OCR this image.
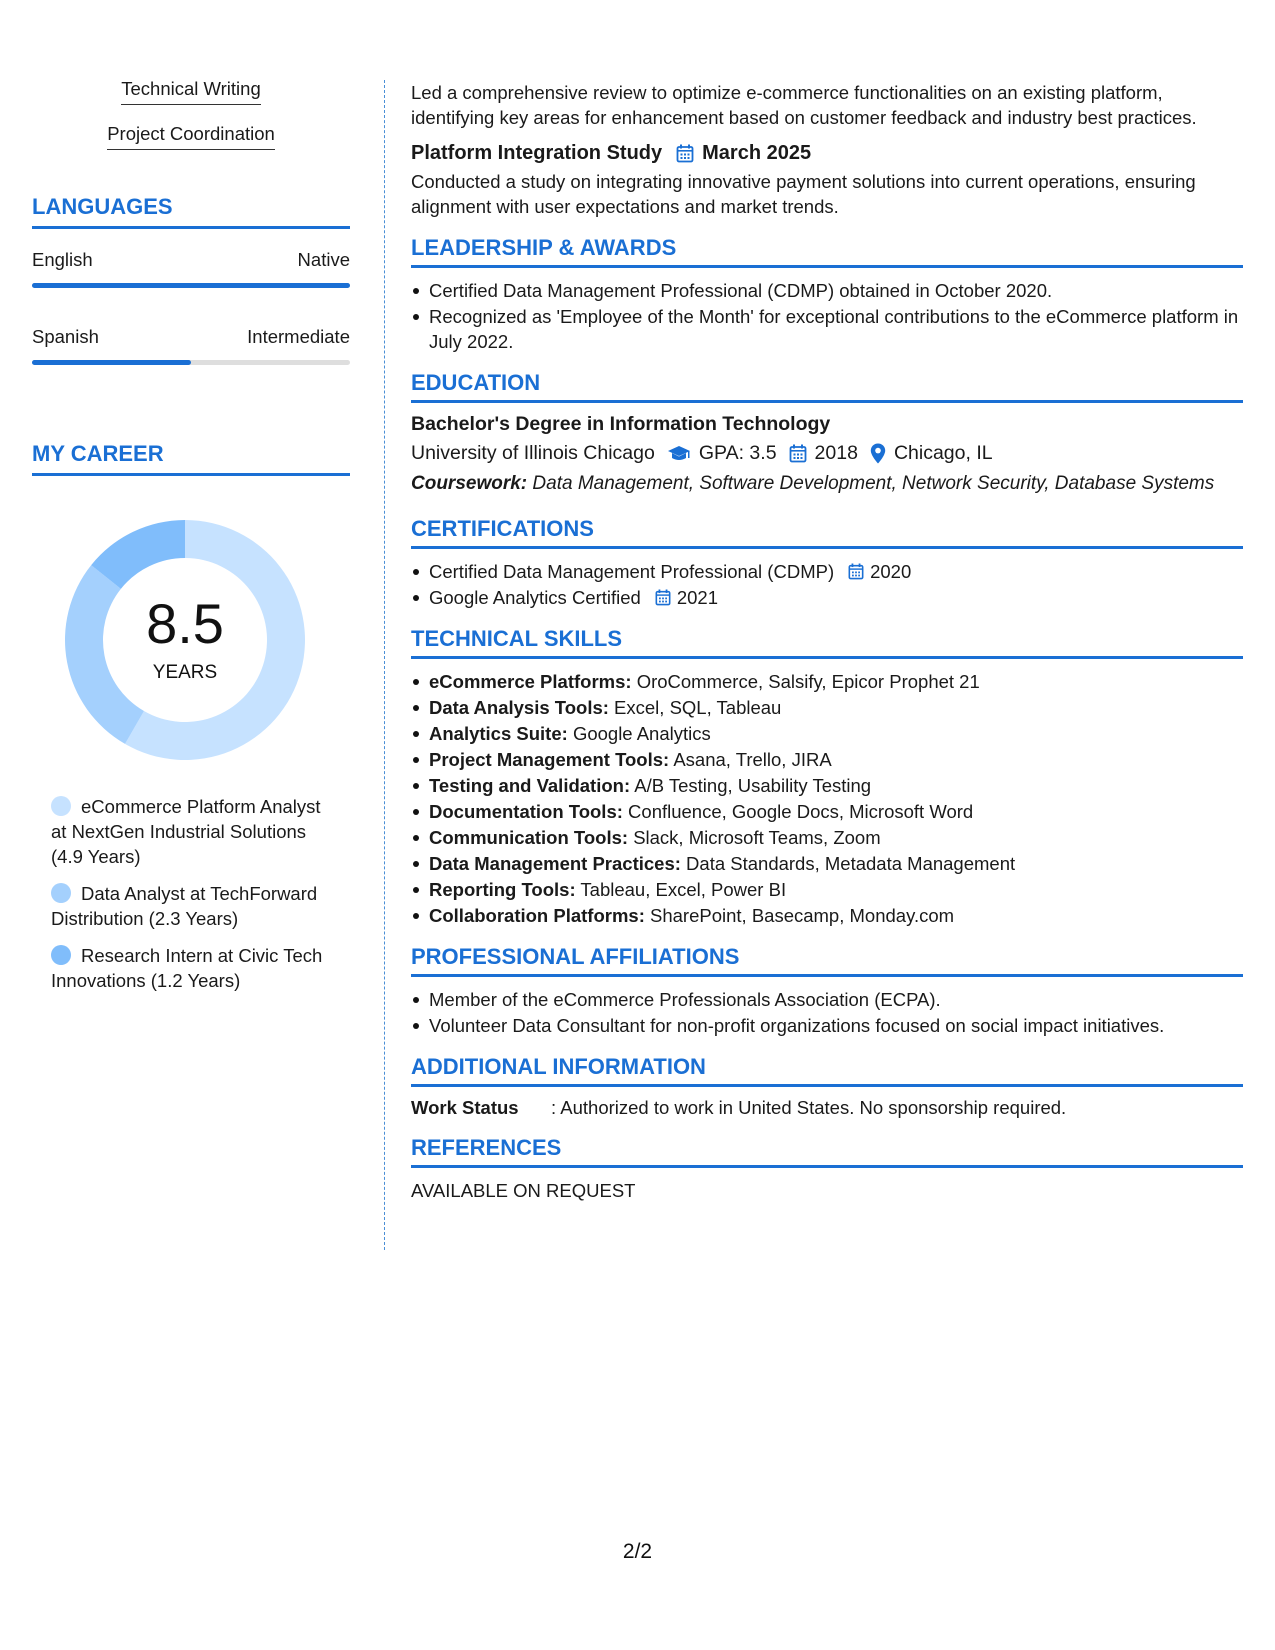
Technical Writing
Project Coordination
LANGUAGES
English	Native
Spanish	Intermediate
MY CAREER
8.5
YEARS
eCommerce Platform Analyst at NextGen Industrial Solutions (4.9 Years)
Data Analyst at TechForward Distribution (2.3 Years)
Research Intern at Civic Tech Innovations (1.2 Years)
Led a comprehensive review to optimize e-commerce functionalities on an existing platform, identifying key areas for enhancement based on customer feedback and industry best practices.
Platform Integration Study March 2025
Conducted a study on integrating innovative payment solutions into current operations, ensuring alignment with user expectations and market trends.
LEADERSHIP & AWARDS
Certified Data Management Professional (CDMP) obtained in October 2020.
Recognized as 'Employee of the Month' for exceptional contributions to the eCommerce platform in July 2022.
EDUCATION
Bachelor's Degree in Information Technology
University of Illinois Chicago GPA: 3.5 2018 Chicago, IL
Coursework: Data Management, Software Development, Network Security, Database Systems
CERTIFICATIONS
Certified Data Management Professional (CDMP) 2020
Google Analytics Certified 2021
TECHNICAL SKILLS
eCommerce Platforms: OroCommerce, Salsify, Epicor Prophet 21
Data Analysis Tools: Excel, SQL, Tableau
Analytics Suite: Google Analytics
Project Management Tools: Asana, Trello, JIRA
Testing and Validation: A/B Testing, Usability Testing
Documentation Tools: Confluence, Google Docs, Microsoft Word
Communication Tools: Slack, Microsoft Teams, Zoom
Data Management Practices: Data Standards, Metadata Management
Reporting Tools: Tableau, Excel, Power BI
Collaboration Platforms: SharePoint, Basecamp, Monday.com
PROFESSIONAL AFFILIATIONS
Member of the eCommerce Professionals Association (ECPA).
Volunteer Data Consultant for non-profit organizations focused on social impact initiatives.
ADDITIONAL INFORMATION
Work Status	: Authorized to work in United States. No sponsorship required.
REFERENCES
AVAILABLE ON REQUEST
2/2
